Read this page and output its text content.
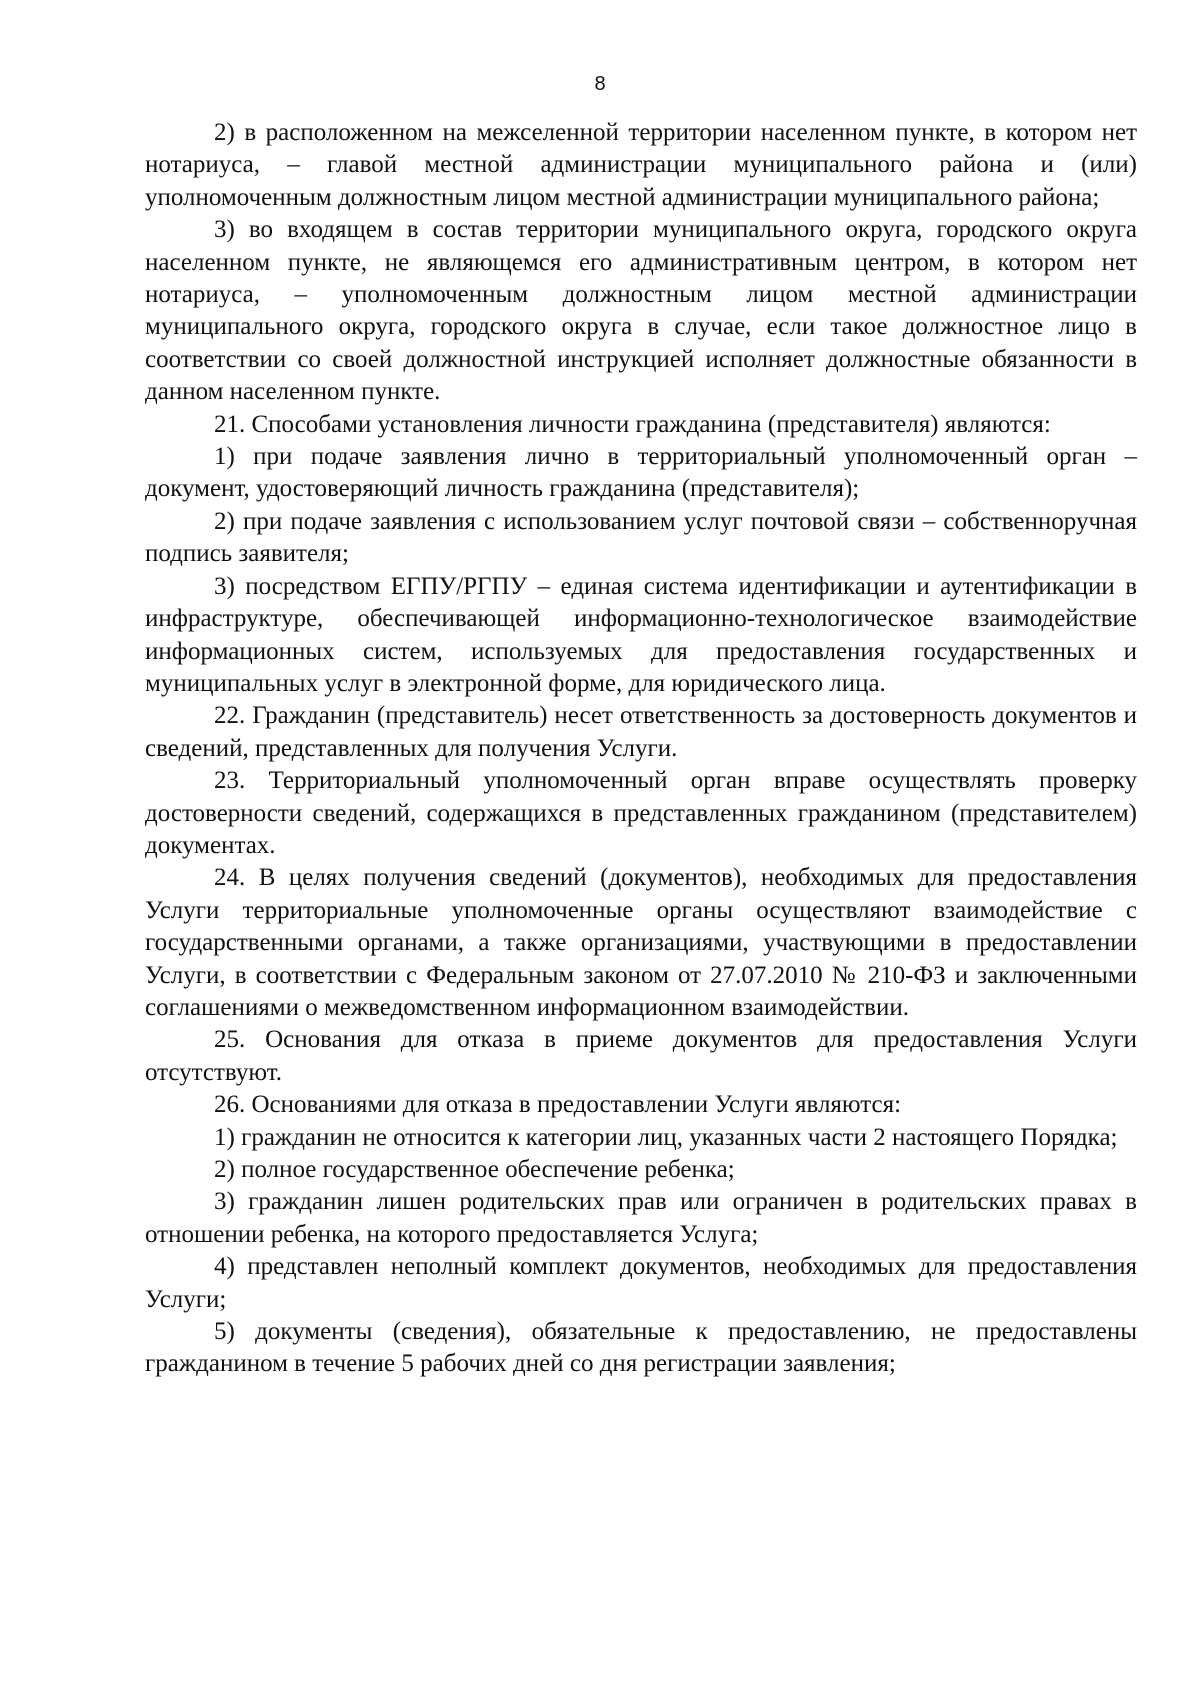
8

2) в расположенном на межселенной территории населенном пункте, в котором нет нотариуса, – главой местной администрации муниципального района и (или) уполномоченным должностным лицом местной администрации муниципального района;

3) во входящем в состав территории муниципального округа, городского округа населенном пункте, не являющемся его административным центром, в котором нет нотариуса, – уполномоченным должностным лицом местной администрации муниципального округа, городского округа в случае, если такое должностное лицо в соответствии со своей должностной инструкцией исполняет должностные обязанности в данном населенном пункте.

21. Способами установления личности гражданина (представителя) являются:

1) при подаче заявления лично в территориальный уполномоченный орган – документ, удостоверяющий личность гражданина (представителя);

2) при подаче заявления с использованием услуг почтовой связи – собственноручная подпись заявителя;

3) посредством ЕГПУ/РГПУ – единая система идентификации и аутентификации в инфраструктуре, обеспечивающей информационно-технологическое взаимодействие информационных систем, используемых для предоставления государственных и муниципальных услуг в электронной форме, для юридического лица.

22. Гражданин (представитель) несет ответственность за достоверность документов и сведений, представленных для получения Услуги.

23. Территориальный уполномоченный орган вправе осуществлять проверку достоверности сведений, содержащихся в представленных гражданином (представителем) документах.

24. В целях получения сведений (документов), необходимых для предоставления Услуги территориальные уполномоченные органы осуществляют взаимодействие с государственными органами, а также организациями, участвующими в предоставлении Услуги, в соответствии с Федеральным законом от 27.07.2010 № 210-ФЗ и заключенными соглашениями о межведомственном информационном взаимодействии.

25. Основания для отказа в приеме документов для предоставления Услуги отсутствуют.

26. Основаниями для отказа в предоставлении Услуги являются:

1) гражданин не относится к категории лиц, указанных части 2 настоящего Порядка;

2) полное государственное обеспечение ребенка;

3) гражданин лишен родительских прав или ограничен в родительских правах в отношении ребенка, на которого предоставляется Услуга;

4) представлен неполный комплект документов, необходимых для предоставления Услуги;

5) документы (сведения), обязательные к предоставлению, не предоставлены гражданином в течение 5 рабочих дней со дня регистрации заявления;
